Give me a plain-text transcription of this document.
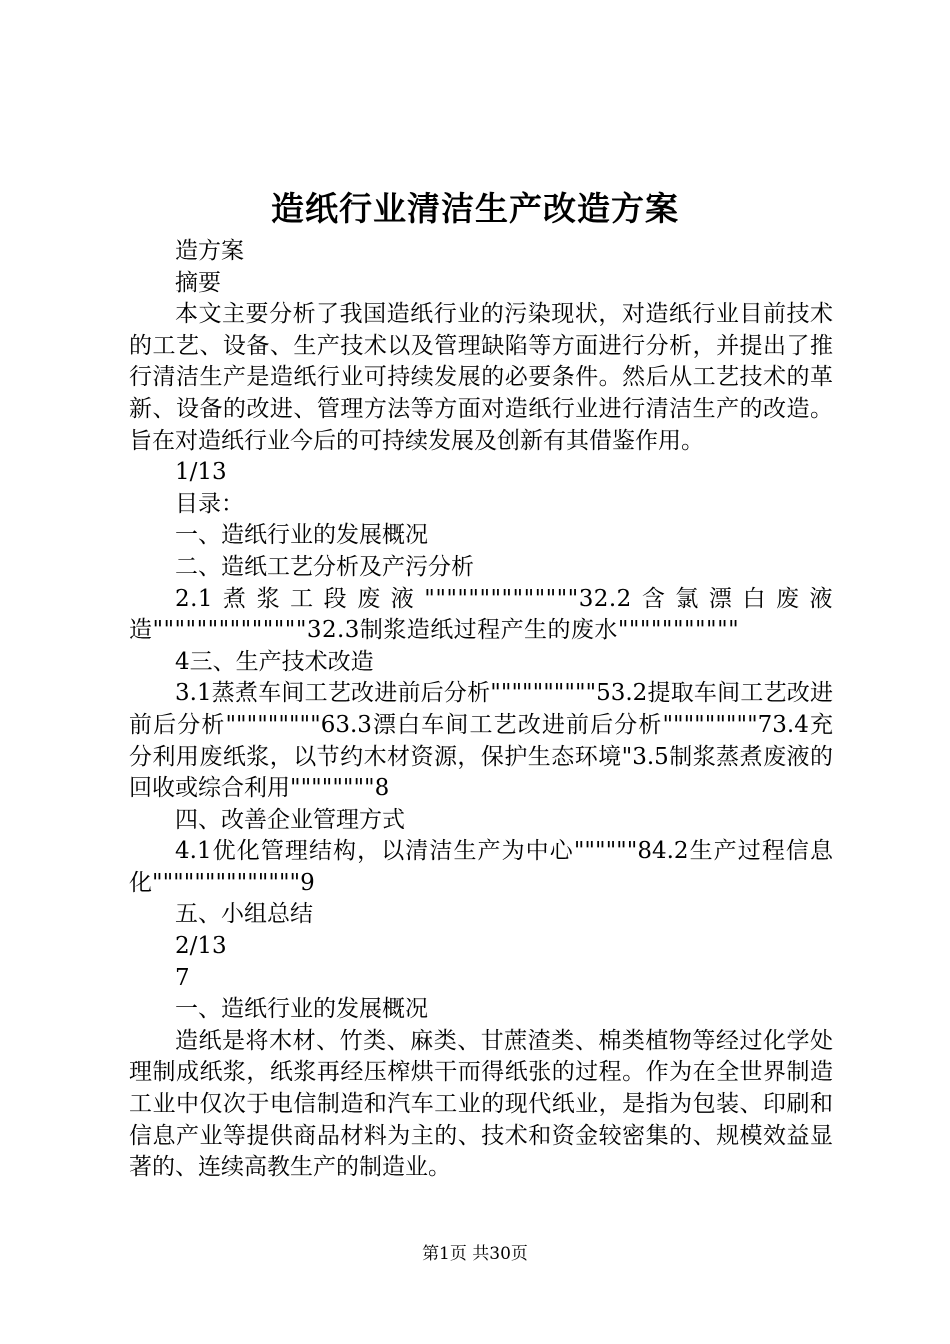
造纸行业清洁生产改造方案

造方案

摘要

本文主要分析了我国造纸行业的污染现状，对造纸行业目前技术的工艺、设备、生产技术以及管理缺陷等方面进行分析，并提出了推行清洁生产是造纸行业可持续发展的必要条件。然后从工艺技术的革新、设备的改进、管理方法等方面对造纸行业进行清洁生产的改造。旨在对造纸行业今后的可持续发展及创新有其借鉴作用。

1/13

目录：

一、造纸行业的发展概况

二、造纸工艺分析及产污分析

2.1煮浆工段废液""""""""""""""32.2含氯漂白废液造""""""""""""""32.3制浆造纸过程产生的废水"""""""""""

4三、生产技术改造

3.1蒸煮车间工艺改进前后分析""""""""""53.2提取车间工艺改进前后分析"""""""""63.3漂白车间工艺改进前后分析"""""""""73.4充分利用废纸浆，以节约木材资源，保护生态环境"3.5制浆蒸煮废液的回收或综合利用""""""""8

四、改善企业管理方式

4.1优化管理结构，以清洁生产为中心""""""84.2生产过程信息化""""""""""""""9

五、小组总结

2/13

7

一、造纸行业的发展概况

造纸是将木材、竹类、麻类、甘蔗渣类、棉类植物等经过化学处理制成纸浆，纸浆再经压榨烘干而得纸张的过程。作为在全世界制造工业中仅次于电信制造和汽车工业的现代纸业，是指为包装、印刷和信息产业等提供商品材料为主的、技术和资金较密集的、规模效益显著的、连续高教生产的制造业。

第1页 共30页
